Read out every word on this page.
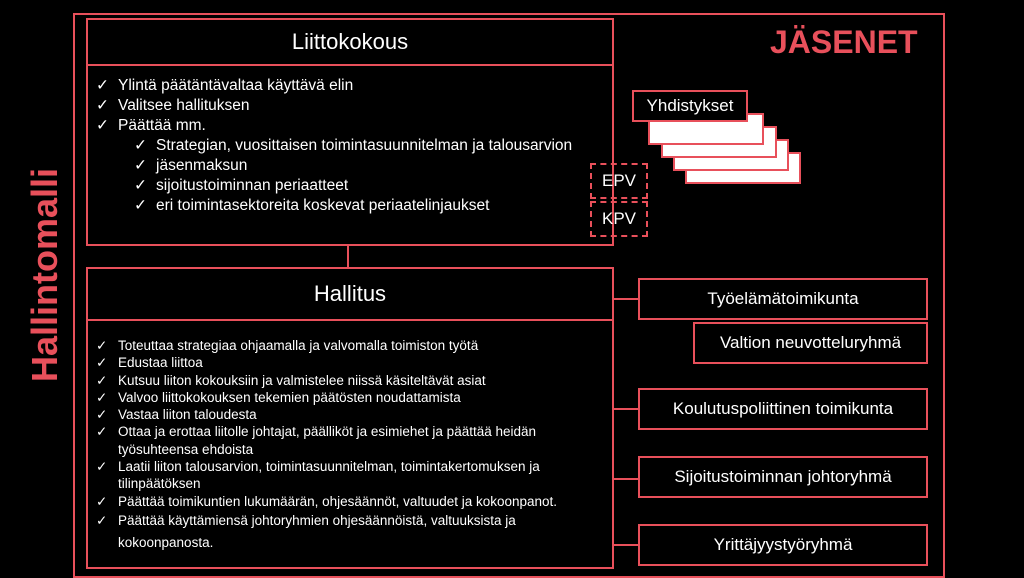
Hallintomalli
JÄSENET
Liittokokous
✓ Ylintä päätäntävaltaa käyttävä elin
✓ Valitsee hallituksen
✓ Päättää mm.
✓ Strategian, vuosittaisen toimintasuunnitelman ja talousarvion
✓ jäsenmaksun
✓ sijoitustoiminnan periaatteet
✓ eri toimintasektoreita koskevat periaatelinjaukset
Hallitus
✓ Toteuttaa strategiaa ohjaamalla ja valvomalla toimiston työtä
✓ Edustaa liittoa
✓ Kutsuu liiton kokouksiin ja valmistelee niissä käsiteltävät asiat
✓ Valvoo liittokokouksen tekemien päätösten noudattamista
✓ Vastaa liiton taloudesta
✓ Ottaa ja erottaa liitolle johtajat, päälliköt ja esimiehet ja päättää heidän työsuhteensa ehdoista
✓ Laatii liiton talousarvion, toimintasuunnitelman, toimintakertomuksen ja tilinpäätöksen
✓ Päättää toimikuntien lukumäärän, ohjesäännöt, valtuudet ja kokoonpanot.
✓ Päättää käyttämiensä johtoryhmien ohjesäännöistä, valtuuksista ja kokoonpanosta.
Yhdistykset
EPV
KPV
Työelämätoimikunta
Valtion neuvotteluryhmä
Koulutuspoliittinen toimikunta
Sijoitustoiminnan johtoryhmä
Yrittäjyystyöryhmä
